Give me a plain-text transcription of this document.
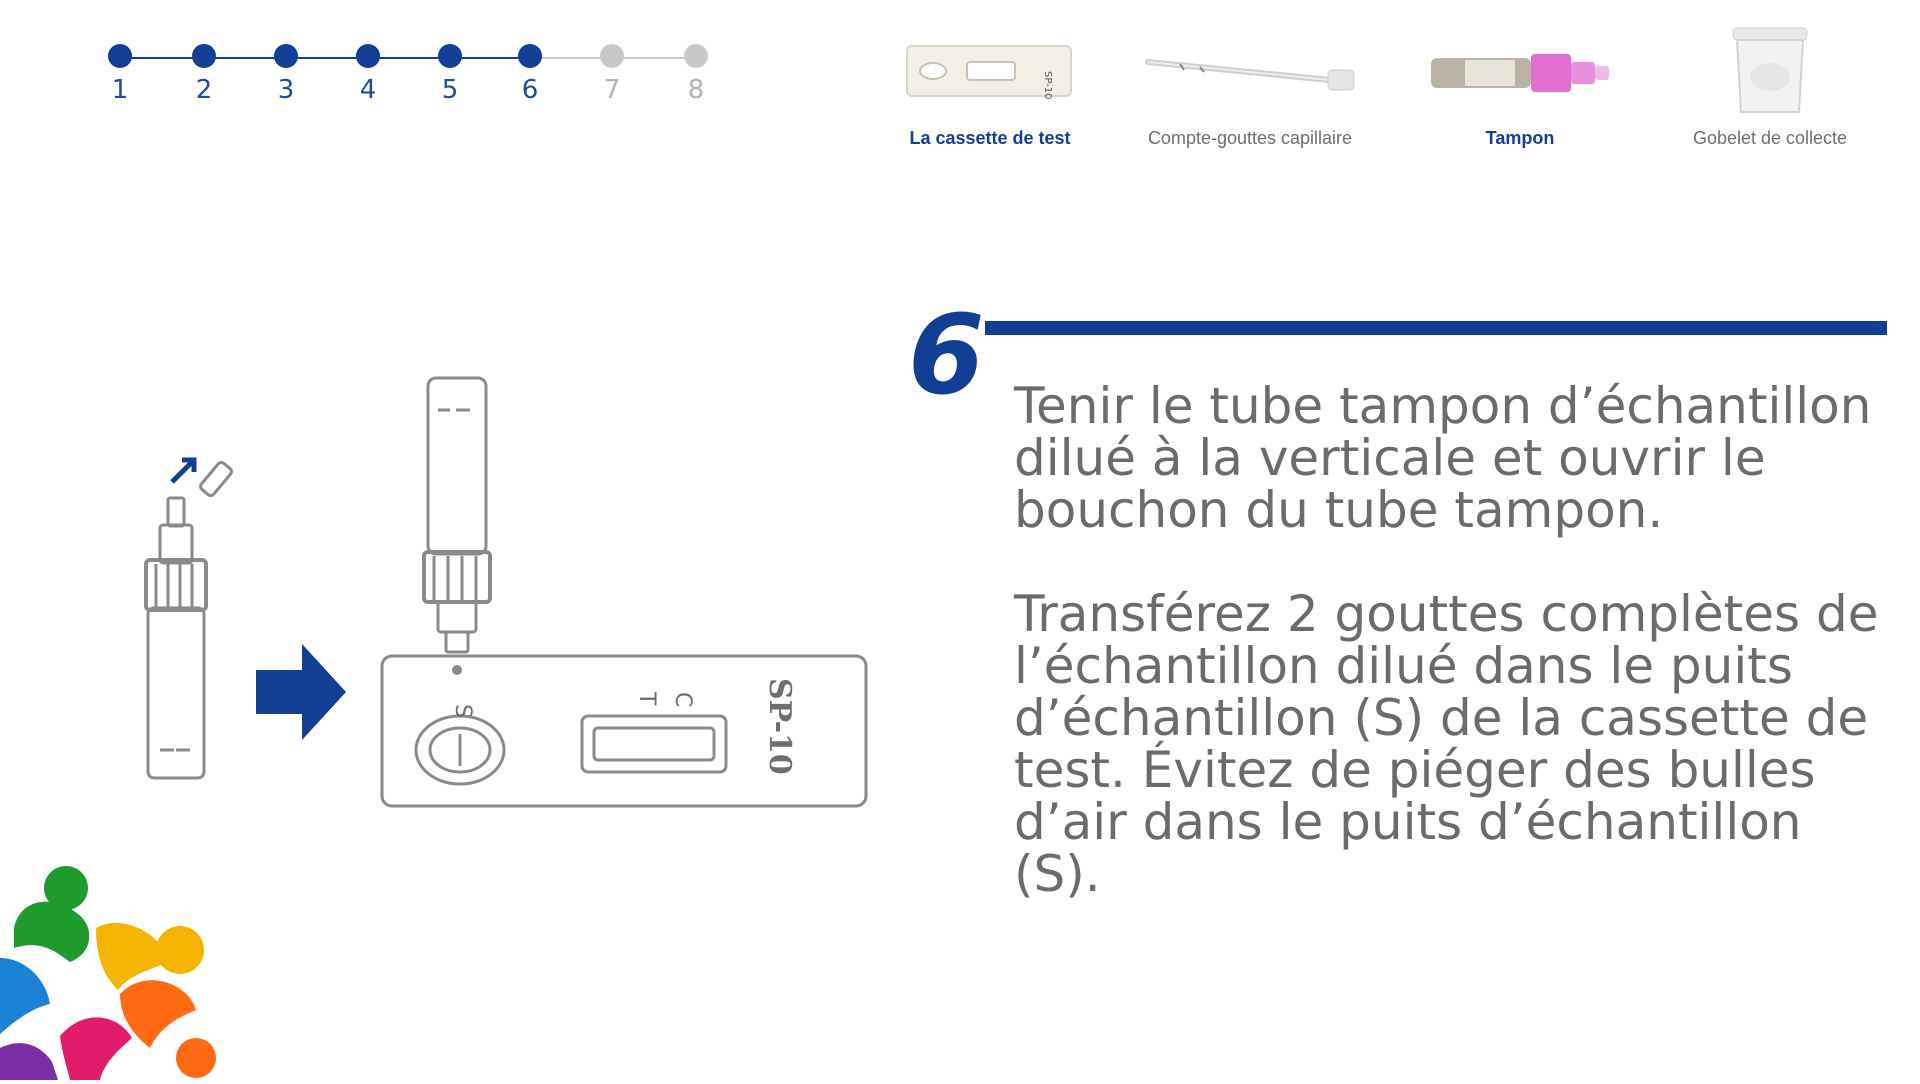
1	2	3	4	5 6	7	8	SP-10
La cassette de test	Compte-gouttes capillaire	Tampon	Gobelet de collecte
S
C
T	SP-10
6 Tenir le tube tampon d’échantillon dilué à la verticale et ouvrir le bouchon du tube tampon.

Transférez 2 gouttes complètes de l’échantillon dilué dans le puits d’échantillon (S) de la cassette de test. Évitez de piéger des bulles d’air dans le puits d’échantillon (S).
